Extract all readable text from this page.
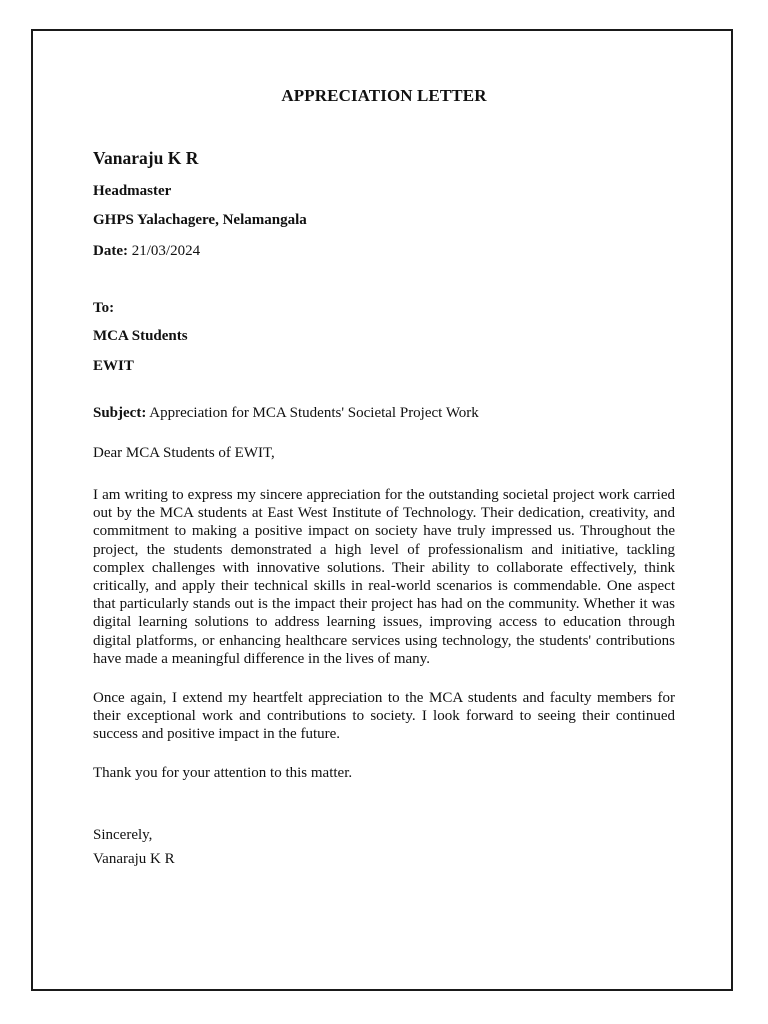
APPRECIATION LETTER
Vanaraju K R
Headmaster
GHPS Yalachagere, Nelamangala
Date: 21/03/2024
To:
MCA Students
EWIT
Subject: Appreciation for MCA Students' Societal Project Work
Dear MCA Students of EWIT,
I am writing to express my sincere appreciation for the outstanding societal project work carried out by the MCA students at East West Institute of Technology. Their dedication, creativity, and commitment to making a positive impact on society have truly impressed us. Throughout the project, the students demonstrated a high level of professionalism and initiative, tackling complex challenges with innovative solutions. Their ability to collaborate effectively, think critically, and apply their technical skills in real-world scenarios is commendable. One aspect that particularly stands out is the impact their project has had on the community. Whether it was digital learning solutions to address learning issues, improving access to education through digital platforms, or enhancing healthcare services using technology, the students' contributions have made a meaningful difference in the lives of many.
Once again, I extend my heartfelt appreciation to the MCA students and faculty members for their exceptional work and contributions to society. I look forward to seeing their continued success and positive impact in the future.
Thank you for your attention to this matter.
Sincerely,
Vanaraju K R
